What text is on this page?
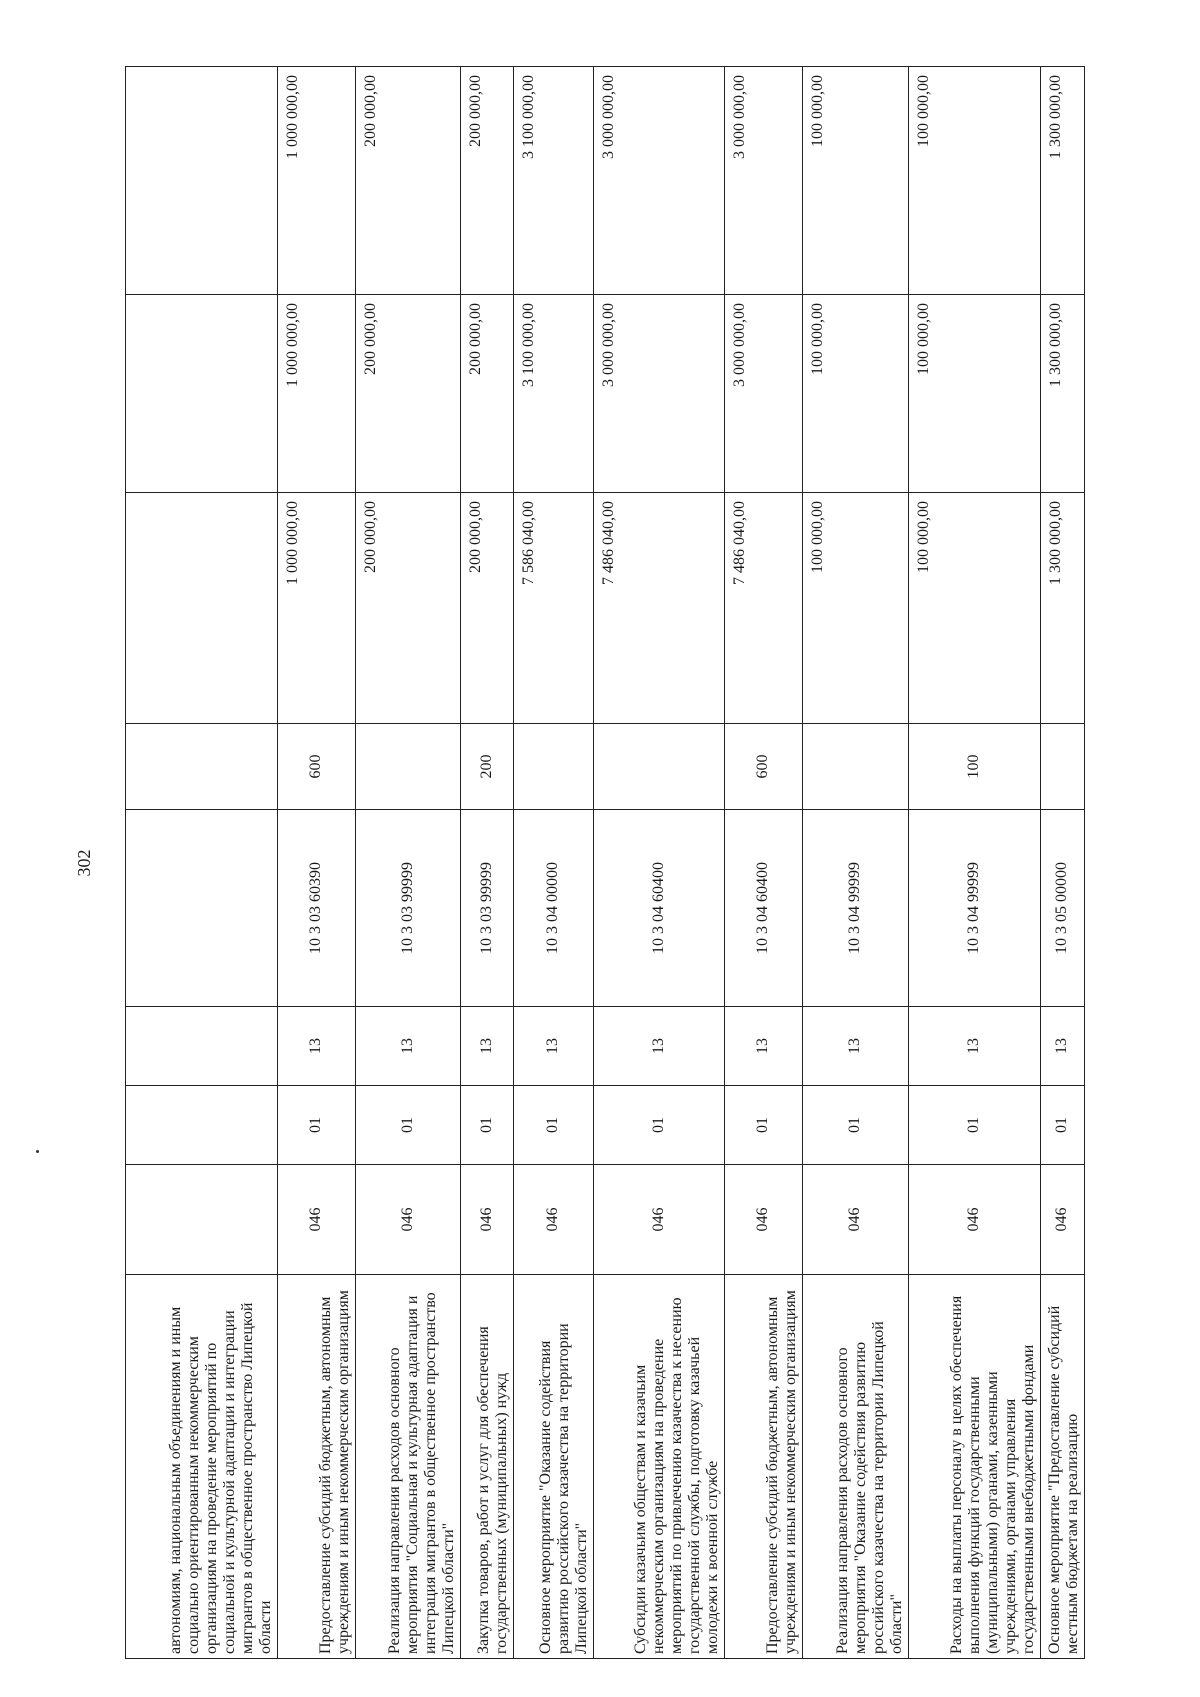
302
автономиям, национальным объединениям и иным социально ориентированным некоммерческим организациям на проведение мероприятий по социальной и культурной адаптации и интеграции мигрантов в общественное пространство Липецкой области								
Предоставление субсидий бюджетным, автономным учреждениям и иным некоммерческим организациям	046	01	13	10 3 03 60390	600	1 000 000,00	1 000 000,00	1 000 000,00
Реализация направления расходов основного мероприятия "Социальная и культурная адаптация и интеграция мигрантов в общественное пространство Липецкой области"	046	01	13	10 3 03 99999		200 000,00	200 000,00	200 000,00
Закупка товаров, работ и услуг для обеспечения государственных (муниципальных) нужд	046	01	13	10 3 03 99999	200	200 000,00	200 000,00	200 000,00
Основное мероприятие "Оказание содействия развитию российского казачества на территории Липецкой области"	046	01	13	10 3 04 00000		7 586 040,00	3 100 000,00	3 100 000,00
Субсидии казачьим обществам и казачьим некоммерческим организациям на проведение мероприятий по привлечению казачества к несению государственной службы, подготовку казачьей молодежи к военной службе	046	01	13	10 3 04 60400		7 486 040,00	3 000 000,00	3 000 000,00
Предоставление субсидий бюджетным, автономным учреждениям и иным некоммерческим организациям	046	01	13	10 3 04 60400	600	7 486 040,00	3 000 000,00	3 000 000,00
Реализация направления расходов основного мероприятия "Оказание содействия развитию российского казачества на территории Липецкой области"	046	01	13	10 3 04 99999		100 000,00	100 000,00	100 000,00
Расходы на выплаты персоналу в целях обеспечения выполнения функций государственными (муниципальными) органами, казенными учреждениями, органами управления государственными внебюджетными фондами	046	01	13	10 3 04 99999	100	100 000,00	100 000,00	100 000,00
Основное мероприятие "Предоставление субсидий местным бюджетам на реализацию	046	01	13	10 3 05 00000		1 300 000,00	1 300 000,00	1 300 000,00
